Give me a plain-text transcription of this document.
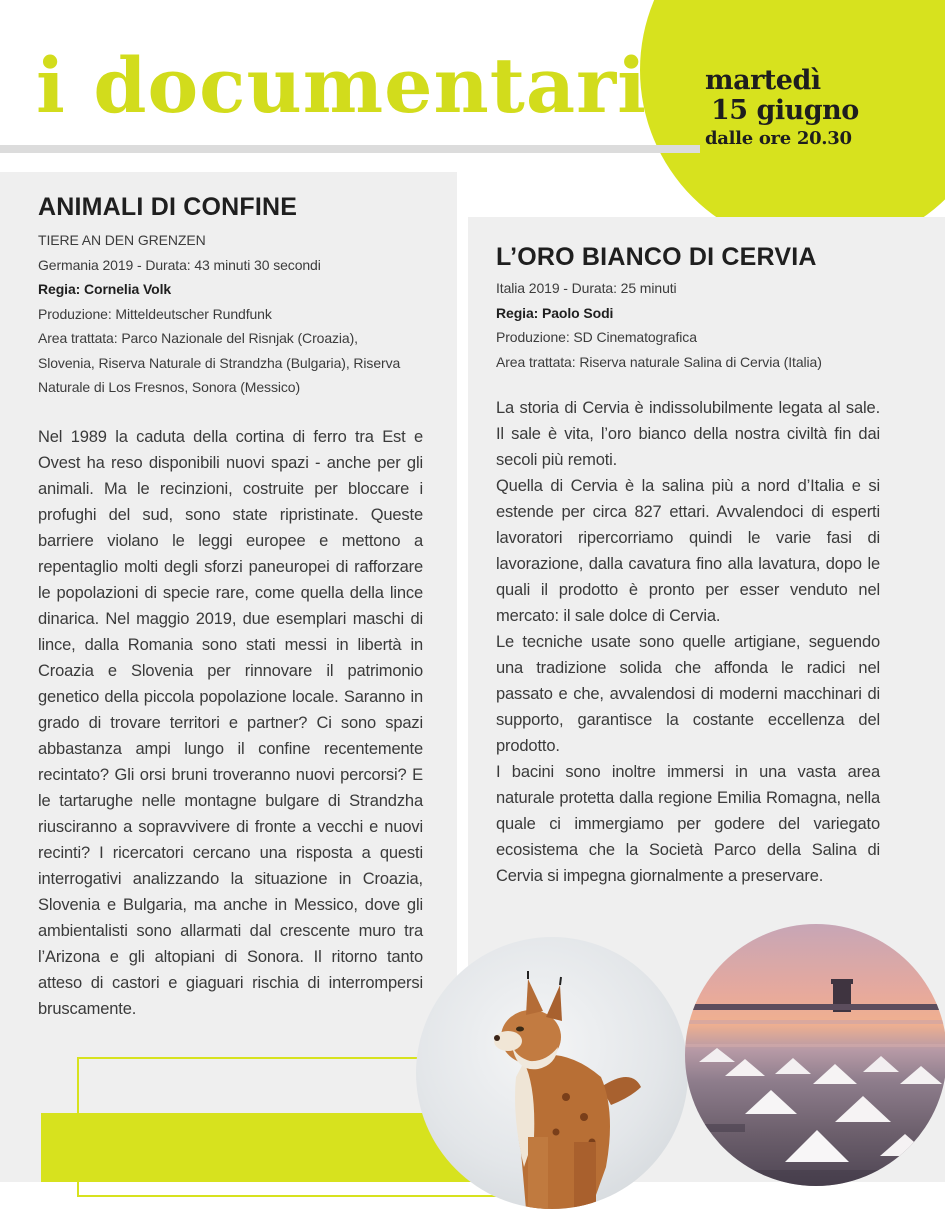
i documentari martedì
15 giugno
dalle ore 20.30
ANIMALI DI CONFINE
TIERE AN DEN GRENZEN
Germania 2019 - Durata: 43 minuti 30 secondi
Regia: Cornelia Volk
Produzione: Mitteldeutscher Rundfunk
Area trattata: Parco Nazionale del Risnjak (Croazia), Slovenia, Riserva Naturale di Strandzha (Bulgaria), Riserva Naturale di Los Fresnos, Sonora (Messico)

Nel 1989 la caduta della cortina di ferro tra Est e Ovest ha reso disponibili nuovi spazi - anche per gli animali. Ma le recinzioni, costruite per bloccare i profughi del sud, sono state ripristinate. Queste barriere violano le leggi europee e mettono a repentaglio molti degli sforzi paneuropei di rafforzare le popolazioni di specie rare, come quella della lince dinarica. Nel maggio 2019, due esemplari maschi di lince, dalla Romania sono stati messi in libertà in Croazia e Slovenia per rinnovare il patrimonio genetico della piccola popolazione locale. Saranno in grado di trovare territori e partner? Ci sono spazi abbastanza ampi lungo il confine recentemente recintato? Gli orsi bruni troveranno nuovi percorsi? E le tartarughe nelle montagne bulgare di Strandzha riusciranno a sopravvivere di fronte a vecchi e nuovi recinti? I ricercatori cercano una risposta a questi interrogativi analizzando la situazione in Croazia, Slovenia e Bulgaria, ma anche in Messico, dove gli ambientalisti sono allarmati dal crescente muro tra l’Arizona e gli altopiani di Sonora. Il ritorno tanto atteso di castori e giaguari rischia di interrompersi bruscamente.

L’ORO BIANCO DI CERVIA
Italia 2019 - Durata: 25 minuti
Regia: Paolo Sodi
Produzione: SD Cinematografica
Area trattata: Riserva naturale Salina di Cervia (Italia)

La storia di Cervia è indissolubilmente legata al sale. Il sale è vita, l’oro bianco della nostra civiltà fin dai secoli più remoti.

Quella di Cervia è la salina più a nord d’Italia e si estende per circa 827 ettari. Avvalendoci di esperti lavoratori ripercorriamo quindi le varie fasi di lavorazione, dalla cavatura fino alla lavatura, dopo le quali il prodotto è pronto per esser venduto nel mercato: il sale dolce di Cervia.

Le tecniche usate sono quelle artigiane, seguendo una tradizione solida che affonda le radici nel passato e che, avvalendosi di moderni macchinari di supporto, garantisce la costante eccellenza del prodotto.

I bacini sono inoltre immersi in una vasta area naturale protetta dalla regione Emilia Romagna, nella quale ci immergiamo per godere del variegato ecosistema che la Società Parco della Salina di Cervia si impegna giornalmente a preservare.
